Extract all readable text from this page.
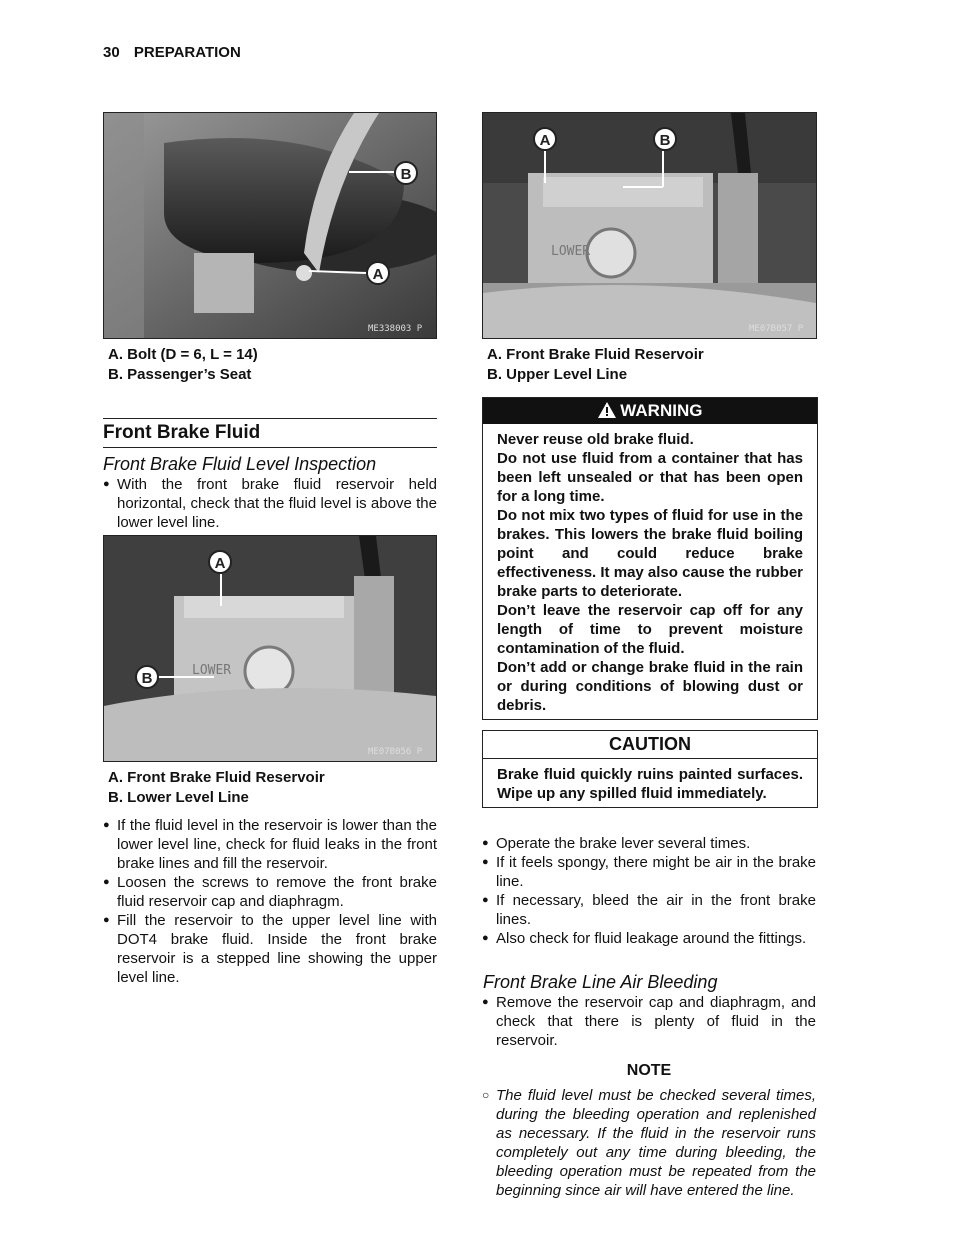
30 PREPARATION
B
A
ME338003 P
A. Bolt (D = 6, L = 14)
B. Passenger’s Seat
LOWER
A	B
ME07B057 P
A. Front Brake Fluid Reservoir
B. Upper Level Line
Front Brake Fluid
Front Brake Fluid Level Inspection
● With the front brake fluid reservoir held horizontal, check that the fluid level is above the lower level line.
LOWER
A
B
ME07B056 P
A. Front Brake Fluid Reservoir
B. Lower Level Line
● If the fluid level in the reservoir is lower than the lower level line, check for fluid leaks in the front brake lines and fill the reservoir.
● Loosen the screws to remove the front brake fluid reservoir cap and diaphragm.
● Fill the reservoir to the upper level line with DOT4 brake fluid. Inside the front brake reservoir is a stepped line showing the upper level line.
WARNING

Never reuse old brake fluid.

Do not use fluid from a container that has been left unsealed or that has been open for a long time.

Do not mix two types of fluid for use in the brakes. This lowers the brake fluid boiling point and could reduce brake effectiveness. It may also cause the rubber brake parts to deteriorate.

Don’t leave the reservoir cap off for any length of time to prevent moisture contamination of the fluid.

Don’t add or change brake fluid in the rain or during conditions of blowing dust or debris.

CAUTION

Brake fluid quickly ruins painted surfaces. Wipe up any spilled fluid immediately.

● Operate the brake lever several times.
● If it feels spongy, there might be air in the brake line.
● If necessary, bleed the air in the front brake lines.
● Also check for fluid leakage around the fittings.
Front Brake Line Air Bleeding
● Remove the reservoir cap and diaphragm, and check that there is plenty of fluid in the reservoir.
NOTE
○ The fluid level must be checked several times, during the bleeding operation and replenished as necessary. If the fluid in the reservoir runs completely out any time during bleeding, the bleeding operation must be repeated from the beginning since air will have entered the line.
